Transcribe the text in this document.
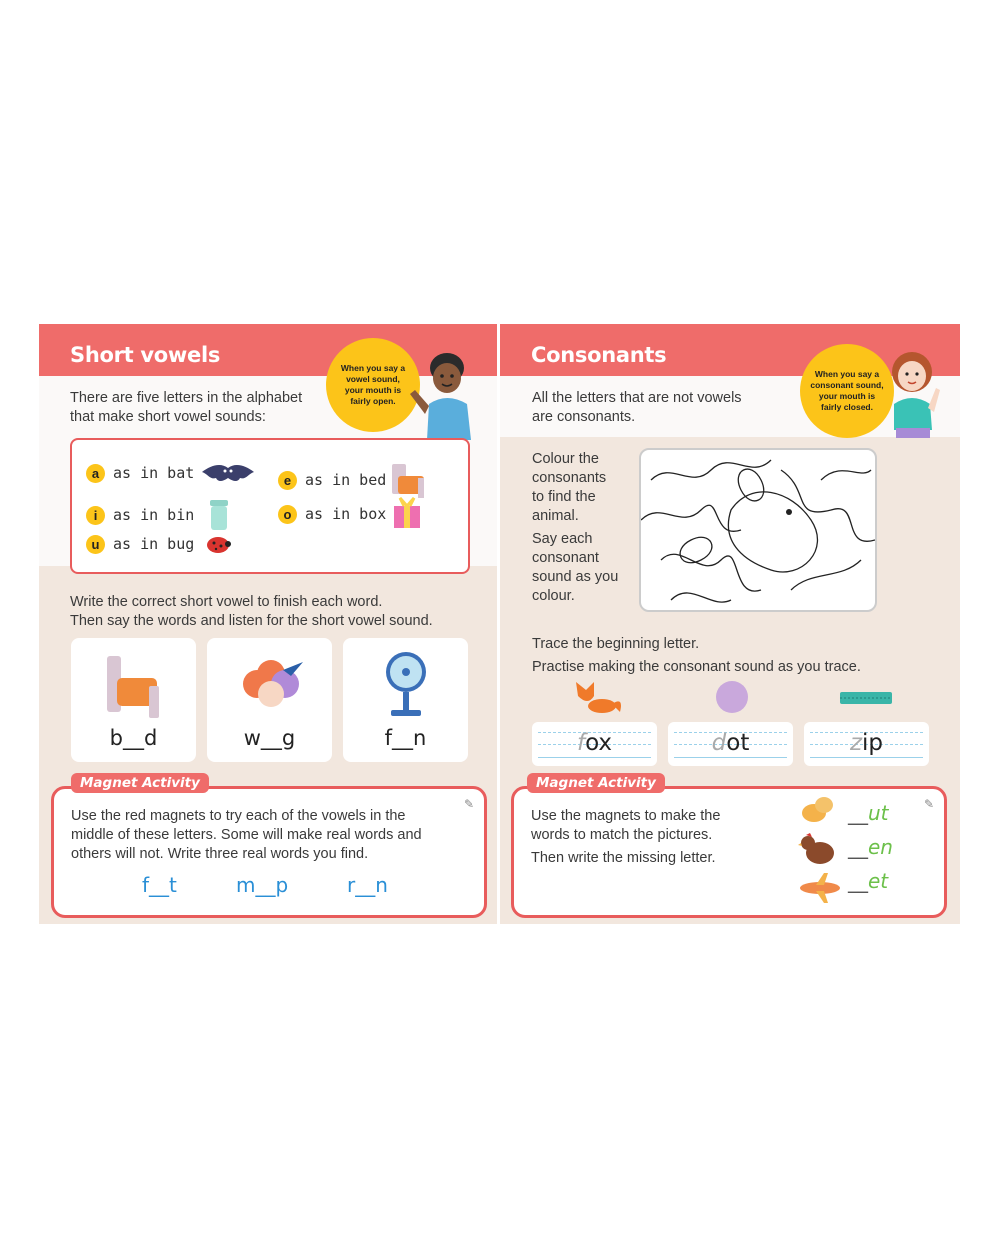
Short vowels
When you say a vowel sound, your mouth is fairly open.
There are five letters in the alphabet
that make short vowel sounds:
a as in bat
i	as in bin
u as in bug
e as in bed
o as in box
Write the correct short vowel to finish each word.
Then say the words and listen for the short vowel sound.
b__d	w__g	f__n
✎
Use the red magnets to try each of the vowels in the
middle of these letters. Some will make real words and
others will not. Write three real words you find.
f__t	m__p	r__n
Magnet Activity
Consonants
When you say a consonant sound, your mouth is fairly closed.
All the letters that are not vowels
are consonants.
Colour the
consonants
to find the
animal.
Say each
consonant
sound as you
colour.
Trace the beginning letter.
Practise making the consonant sound as you trace.
fox	dot	zip
✎
Use the magnets to make the
words to match the pictures.
Then write the missing letter.
__ut
__en
__et
Magnet Activity
